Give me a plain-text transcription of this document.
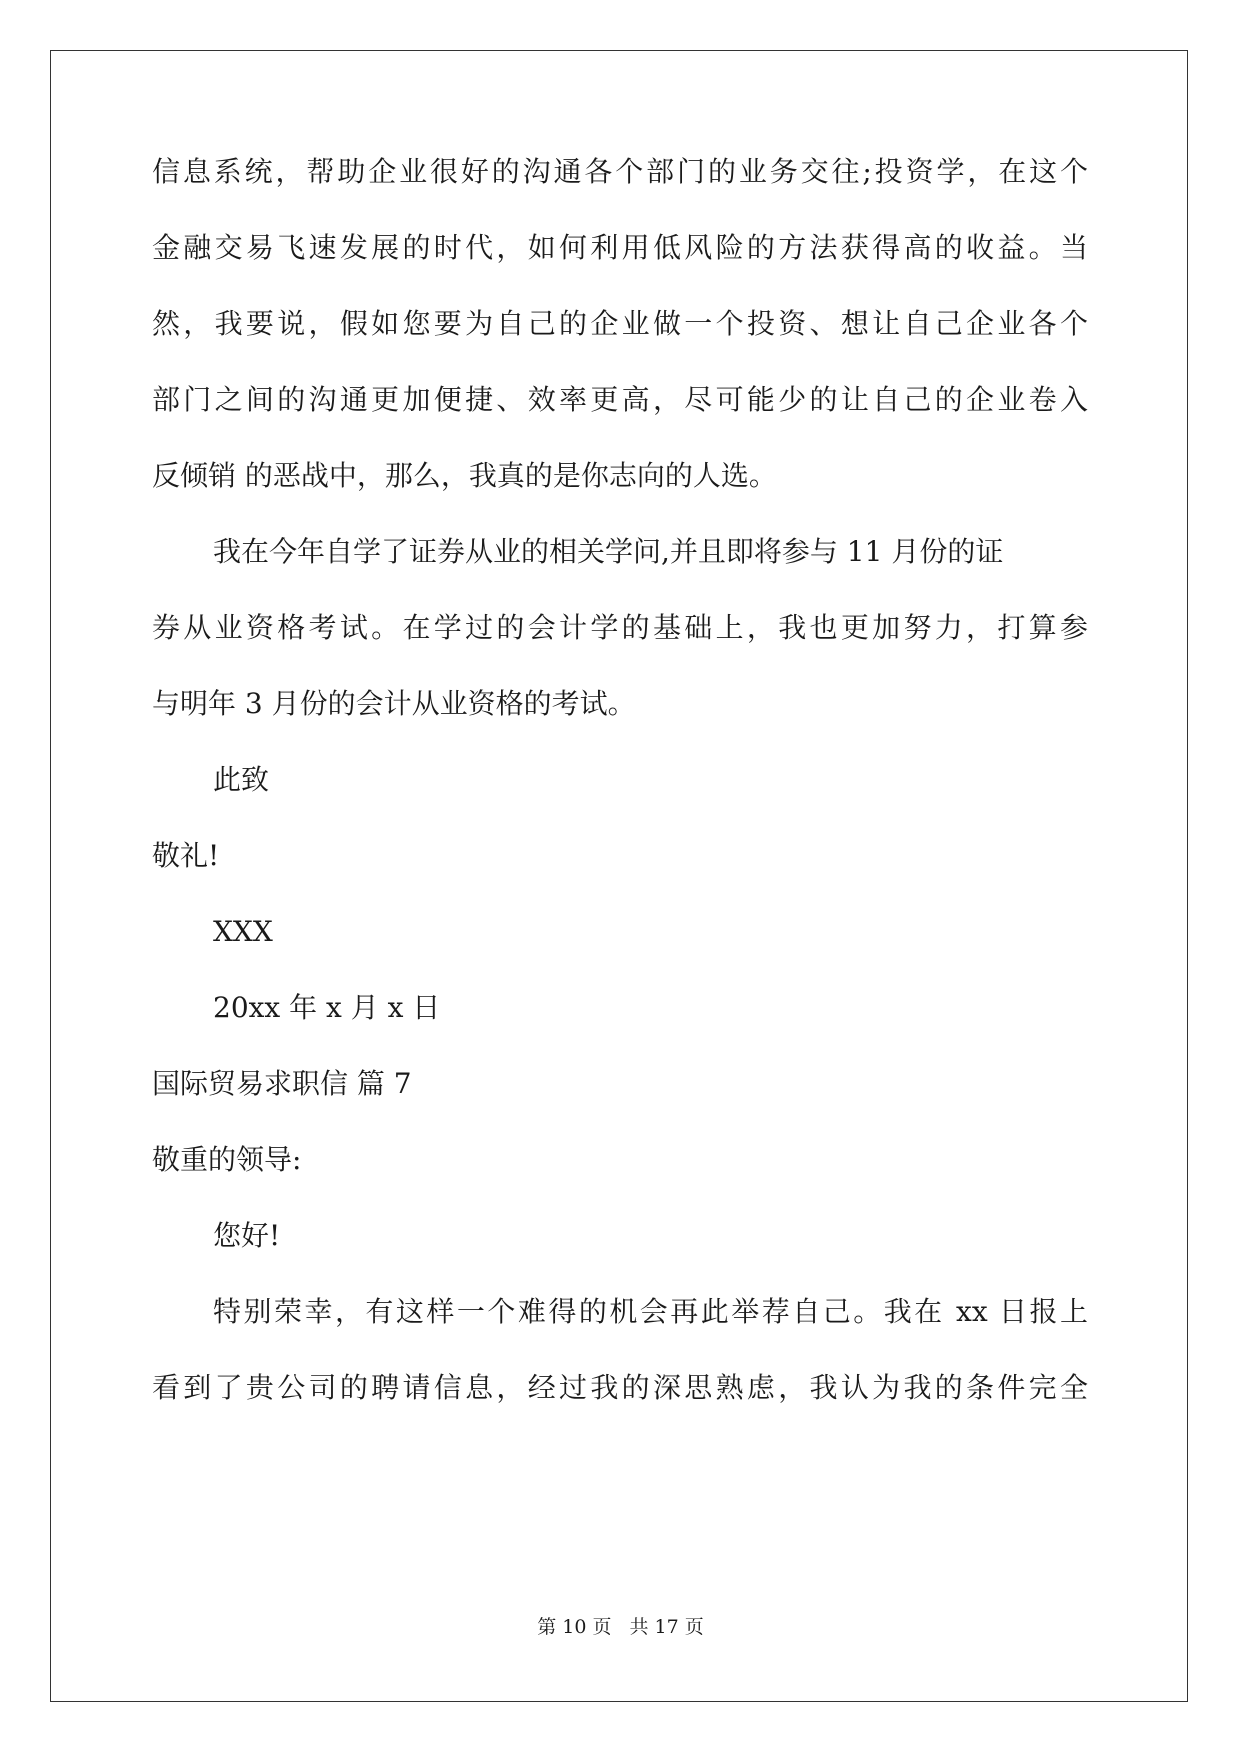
信息系统，帮助企业很好的沟通各个部门的业务交往;投资学，在这个
金融交易飞速发展的时代，如何利用低风险的方法获得高的收益。当
然，我要说，假如您要为自己的企业做一个投资、想让自己企业各个
部门之间的沟通更加便捷、效率更高，尽可能少的让自己的企业卷入
反倾销 的恶战中，那么，我真的是你志向的人选。
我在今年自学了证券从业的相关学问,并且即将参与 11 月份的证
券从业资格考试。在学过的会计学的基础上，我也更加努力，打算参
与明年 3 月份的会计从业资格的考试。
此致
敬礼!
XXX
20xx 年 x 月 x 日
国际贸易求职信 篇 7
敬重的领导:
您好!
特别荣幸，有这样一个难得的机会再此举荐自己。我在 xx 日报上
看到了贵公司的聘请信息，经过我的深思熟虑，我认为我的条件完全
第 10 页 共 17 页
